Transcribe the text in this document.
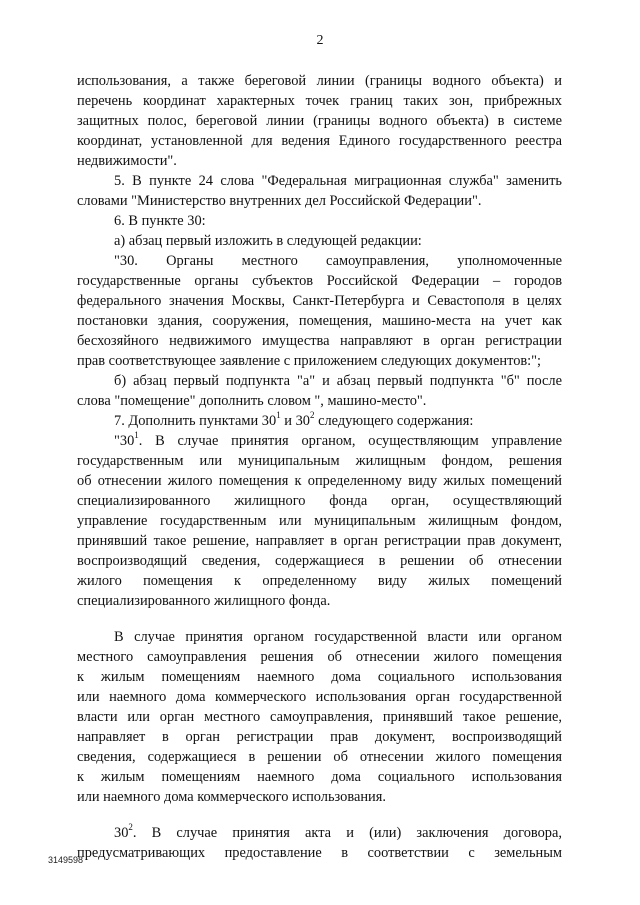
2
использования, а также береговой линии (границы водного объекта) и
перечень координат характерных точек границ таких зон, прибрежных
защитных полос, береговой линии (границы водного объекта) в системе
координат, установленной для ведения Единого государственного реестра
недвижимости".
5. В пункте 24 слова "Федеральная миграционная служба" заменить
словами "Министерство внутренних дел Российской Федерации".
6. В пункте 30:
а) абзац первый изложить в следующей редакции:
"30. Органы местного самоуправления, уполномоченные
государственные органы субъектов Российской Федерации – городов
федерального значения Москвы, Санкт-Петербурга и Севастополя в целях
постановки здания, сооружения, помещения, машино-места на учет как
бесхозяйного недвижимого имущества направляют в орган регистрации
прав соответствующее заявление с приложением следующих документов:";
б) абзац первый подпункта "а" и абзац первый подпункта "б" после
слова "помещение" дополнить словом ", машино-место".
7. Дополнить пунктами $30^1$ и $30^2$ следующего содержания:
"$30^1$. В случае принятия органом, осуществляющим управление
государственным или муниципальным жилищным фондом, решения
об отнесении жилого помещения к определенному виду жилых помещений
специализированного жилищного фонда орган, осуществляющий
управление государственным или муниципальным жилищным фондом,
принявший такое решение, направляет в орган регистрации прав документ,
воспроизводящий сведения, содержащиеся в решении об отнесении
жилого помещения к определенному виду жилых помещений
специализированного жилищного фонда.
В случае принятия органом государственной власти или органом
местного самоуправления решения об отнесении жилого помещения
к жилым помещениям наемного дома социального использования
или наемного дома коммерческого использования орган государственной
власти или орган местного самоуправления, принявший такое решение,
направляет в орган регистрации прав документ, воспроизводящий
сведения, содержащиеся в решении об отнесении жилого помещения
к жилым помещениям наемного дома социального использования
или наемного дома коммерческого использования.
$30^2$. В случае принятия акта и (или) заключения договора,
предусматривающих предоставление в соответствии с земельным
3149598
